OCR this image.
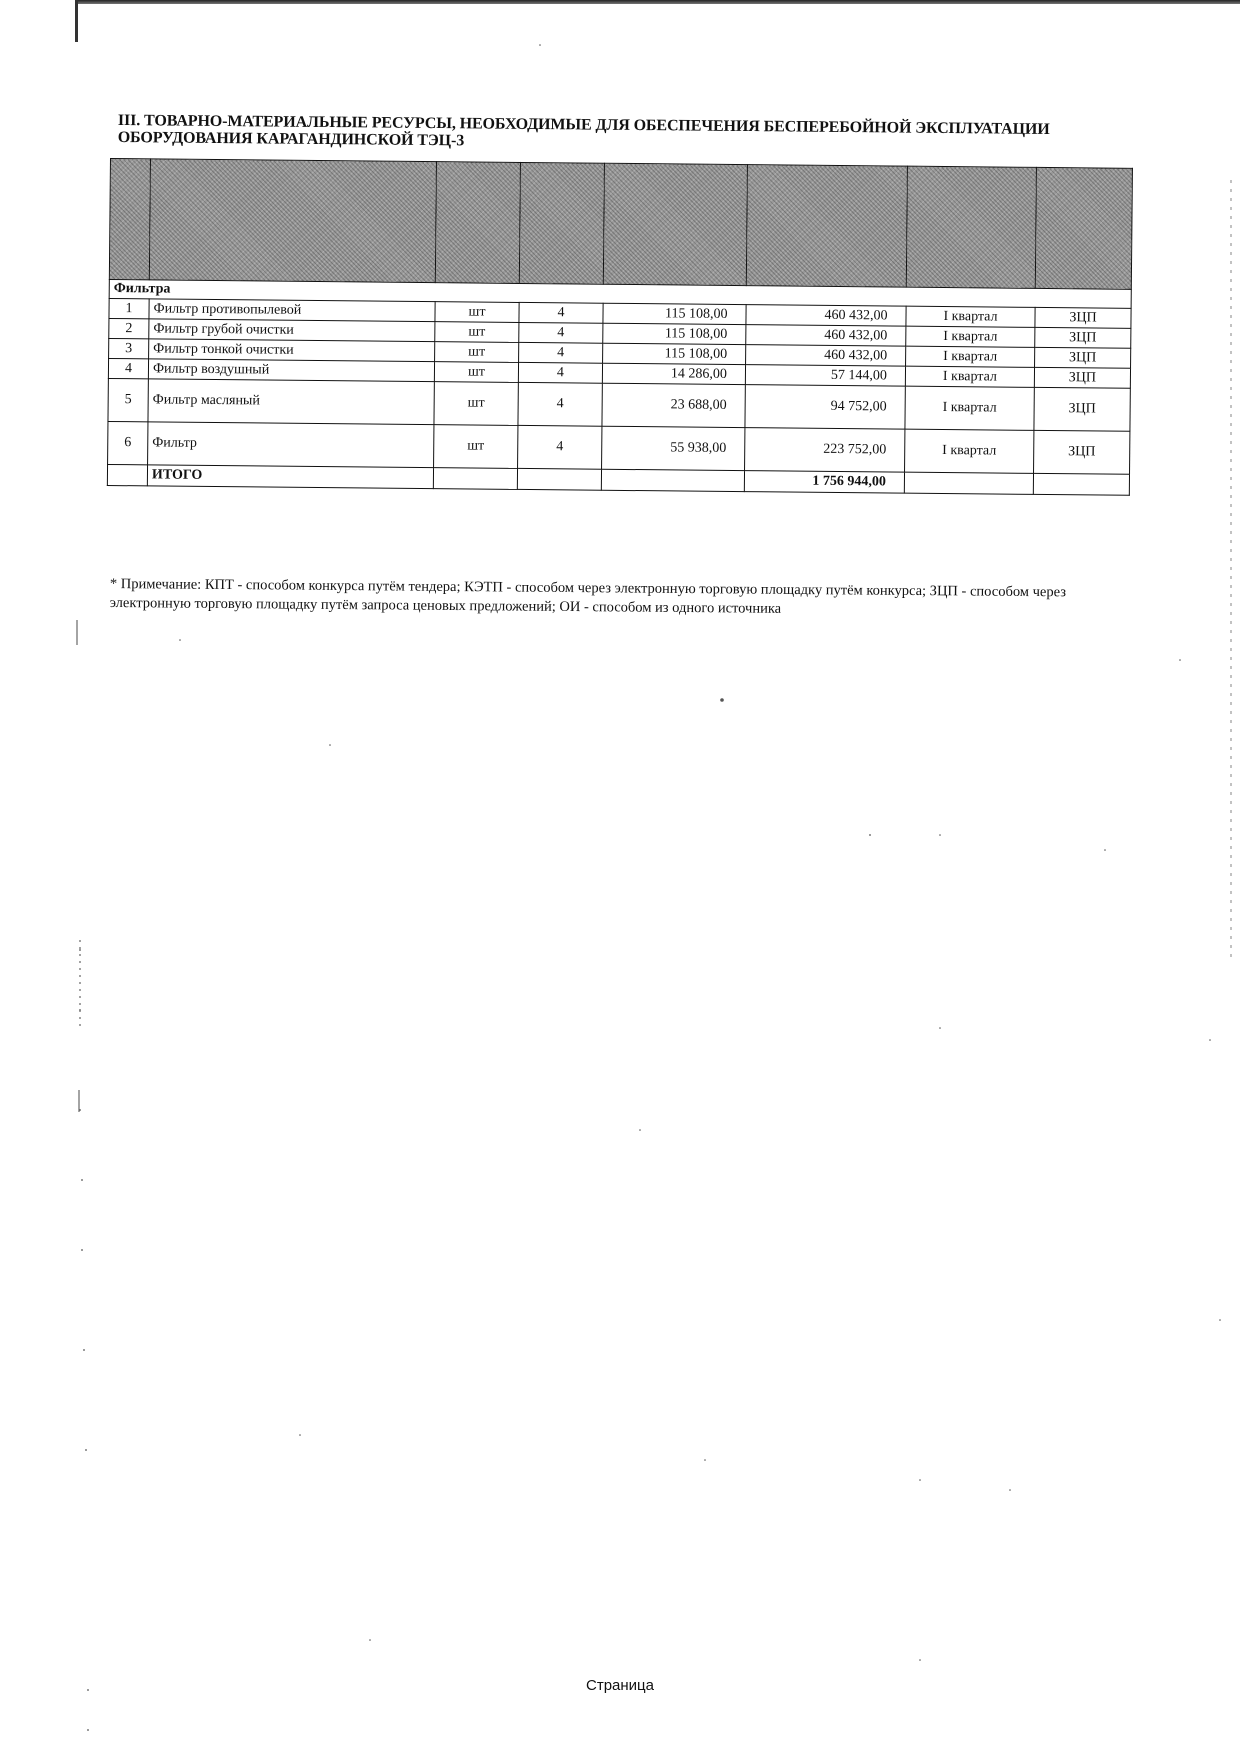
III. ТОВАРНО-МАТЕРИАЛЬНЫЕ РЕСУРСЫ, НЕОБХОДИМЫЕ ДЛЯ ОБЕСПЕЧЕНИЯ БЕСПЕРЕБОЙНОЙ ЭКСПЛУАТАЦИИ ОБОРУДОВАНИЯ КАРАГАНДИНСКОЙ ТЭЦ-3

Фильтра							
1	Фильтр противопылевой	шт	4	115 108,00	460 432,00	I квартал	ЗЦП
2	Фильтр грубой очистки	шт	4	115 108,00	460 432,00	I квартал	ЗЦП
3	Фильтр тонкой очистки	шт	4	115 108,00	460 432,00	I квартал	ЗЦП
4	Фильтр воздушный	шт	4	14 286,00	57 144,00	I квартал	ЗЦП
5	Фильтр масляный	шт	4	23 688,00	94 752,00	I квартал	ЗЦП
6	Фильтр	шт	4	55 938,00	223 752,00	I квартал	ЗЦП
	ИТОГО				1 756 944,00		
* Примечание: КПТ - способом конкурса путём тендера; КЭТП - способом через электронную торговую площадку путём конкурса; ЗЦП - способом через электронную торговую площадку путём запроса ценовых предложений; ОИ - способом из одного источника
Страница
